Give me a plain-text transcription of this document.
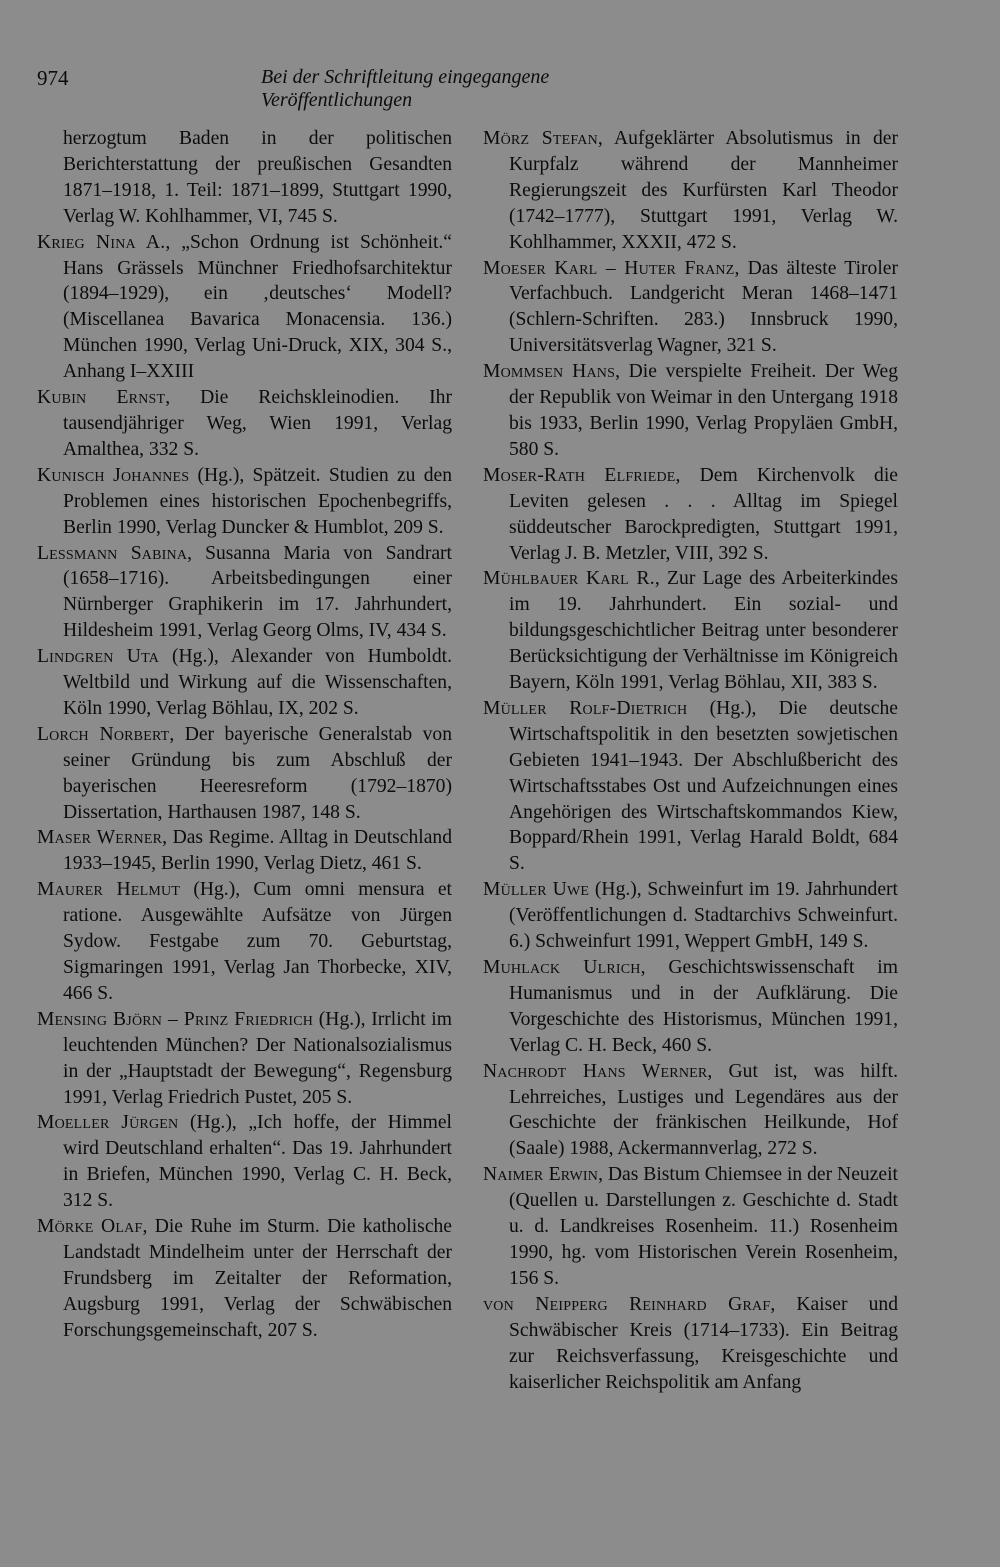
974	Bei der Schriftleitung eingegangene Veröffentlichungen

herzogtum Baden in der politischen Berichterstattung der preußischen Gesandten 1871–1918, 1. Teil: 1871–1899, Stuttgart 1990, Verlag W. Kohlhammer, VI, 745 S.

Krieg Nina A., „Schon Ordnung ist Schönheit.“ Hans Grässels Münchner Friedhofsarchitektur (1894–1929), ein ‚deutsches‘ Modell? (Miscellanea Bavarica Monacensia. 136.) München 1990, Verlag Uni-Druck, XIX, 304 S., Anhang I–XXIII

Kubin Ernst, Die Reichskleinodien. Ihr tausendjähriger Weg, Wien 1991, Verlag Amalthea, 332 S.

Kunisch Johannes (Hg.), Spätzeit. Studien zu den Problemen eines historischen Epochenbegriffs, Berlin 1990, Verlag Duncker & Humblot, 209 S.

Lessmann Sabina, Susanna Maria von Sandrart (1658–1716). Arbeitsbedingungen einer Nürnberger Graphikerin im 17. Jahrhundert, Hildesheim 1991, Verlag Georg Olms, IV, 434 S.

Lindgren Uta (Hg.), Alexander von Humboldt. Weltbild und Wirkung auf die Wissenschaften, Köln 1990, Verlag Böhlau, IX, 202 S.

Lorch Norbert, Der bayerische Generalstab von seiner Gründung bis zum Abschluß der bayerischen Heeresreform (1792–1870) Dissertation, Harthausen 1987, 148 S.

Maser Werner, Das Regime. Alltag in Deutschland 1933–1945, Berlin 1990, Verlag Dietz, 461 S.

Maurer Helmut (Hg.), Cum omni mensura et ratione. Ausgewählte Aufsätze von Jürgen Sydow. Festgabe zum 70. Geburtstag, Sigmaringen 1991, Verlag Jan Thorbecke, XIV, 466 S.

Mensing Björn – Prinz Friedrich (Hg.), Irrlicht im leuchtenden München? Der Nationalsozialismus in der „Hauptstadt der Bewegung“, Regensburg 1991, Verlag Friedrich Pustet, 205 S.

Moeller Jürgen (Hg.), „Ich hoffe, der Himmel wird Deutschland erhalten“. Das 19. Jahrhundert in Briefen, München 1990, Verlag C. H. Beck, 312 S.

Mörke Olaf, Die Ruhe im Sturm. Die katholische Landstadt Mindelheim unter der Herrschaft der Frundsberg im Zeitalter der Reformation, Augsburg 1991, Verlag der Schwäbischen Forschungsgemeinschaft, 207 S.

Mörz Stefan, Aufgeklärter Absolutismus in der Kurpfalz während der Mannheimer Regierungszeit des Kurfürsten Karl Theodor (1742–1777), Stuttgart 1991, Verlag W. Kohlhammer, XXXII, 472 S.

Moeser Karl – Huter Franz, Das älteste Tiroler Verfachbuch. Landgericht Meran 1468–1471 (Schlern-Schriften. 283.) Innsbruck 1990, Universitätsverlag Wagner, 321 S.

Mommsen Hans, Die verspielte Freiheit. Der Weg der Republik von Weimar in den Untergang 1918 bis 1933, Berlin 1990, Verlag Propyläen GmbH, 580 S.

Moser-Rath Elfriede, Dem Kirchenvolk die Leviten gelesen . . . Alltag im Spiegel süddeutscher Barockpredigten, Stuttgart 1991, Verlag J. B. Metzler, VIII, 392 S.

Mühlbauer Karl R., Zur Lage des Arbeiterkindes im 19. Jahrhundert. Ein sozial- und bildungsgeschichtlicher Beitrag unter besonderer Berücksichtigung der Verhältnisse im Königreich Bayern, Köln 1991, Verlag Böhlau, XII, 383 S.

Müller Rolf-Dietrich (Hg.), Die deutsche Wirtschaftspolitik in den besetzten sowjetischen Gebieten 1941–1943. Der Abschlußbericht des Wirtschaftsstabes Ost und Aufzeichnungen eines Angehörigen des Wirtschaftskommandos Kiew, Boppard/Rhein 1991, Verlag Harald Boldt, 684 S.

Müller Uwe (Hg.), Schweinfurt im 19. Jahrhundert (Veröffentlichungen d. Stadtarchivs Schweinfurt. 6.) Schweinfurt 1991, Weppert GmbH, 149 S.

Muhlack Ulrich, Geschichtswissenschaft im Humanismus und in der Aufklärung. Die Vorgeschichte des Historismus, München 1991, Verlag C. H. Beck, 460 S.

Nachrodt Hans Werner, Gut ist, was hilft. Lehrreiches, Lustiges und Legendäres aus der Geschichte der fränkischen Heilkunde, Hof (Saale) 1988, Ackermannverlag, 272 S.

Naimer Erwin, Das Bistum Chiemsee in der Neuzeit (Quellen u. Darstellungen z. Geschichte d. Stadt u. d. Landkreises Rosenheim. 11.) Rosenheim 1990, hg. vom Historischen Verein Rosenheim, 156 S.

von Neipperg Reinhard Graf, Kaiser und Schwäbischer Kreis (1714–1733). Ein Beitrag zur Reichsverfassung, Kreisgeschichte und kaiserlicher Reichspolitik am Anfang
